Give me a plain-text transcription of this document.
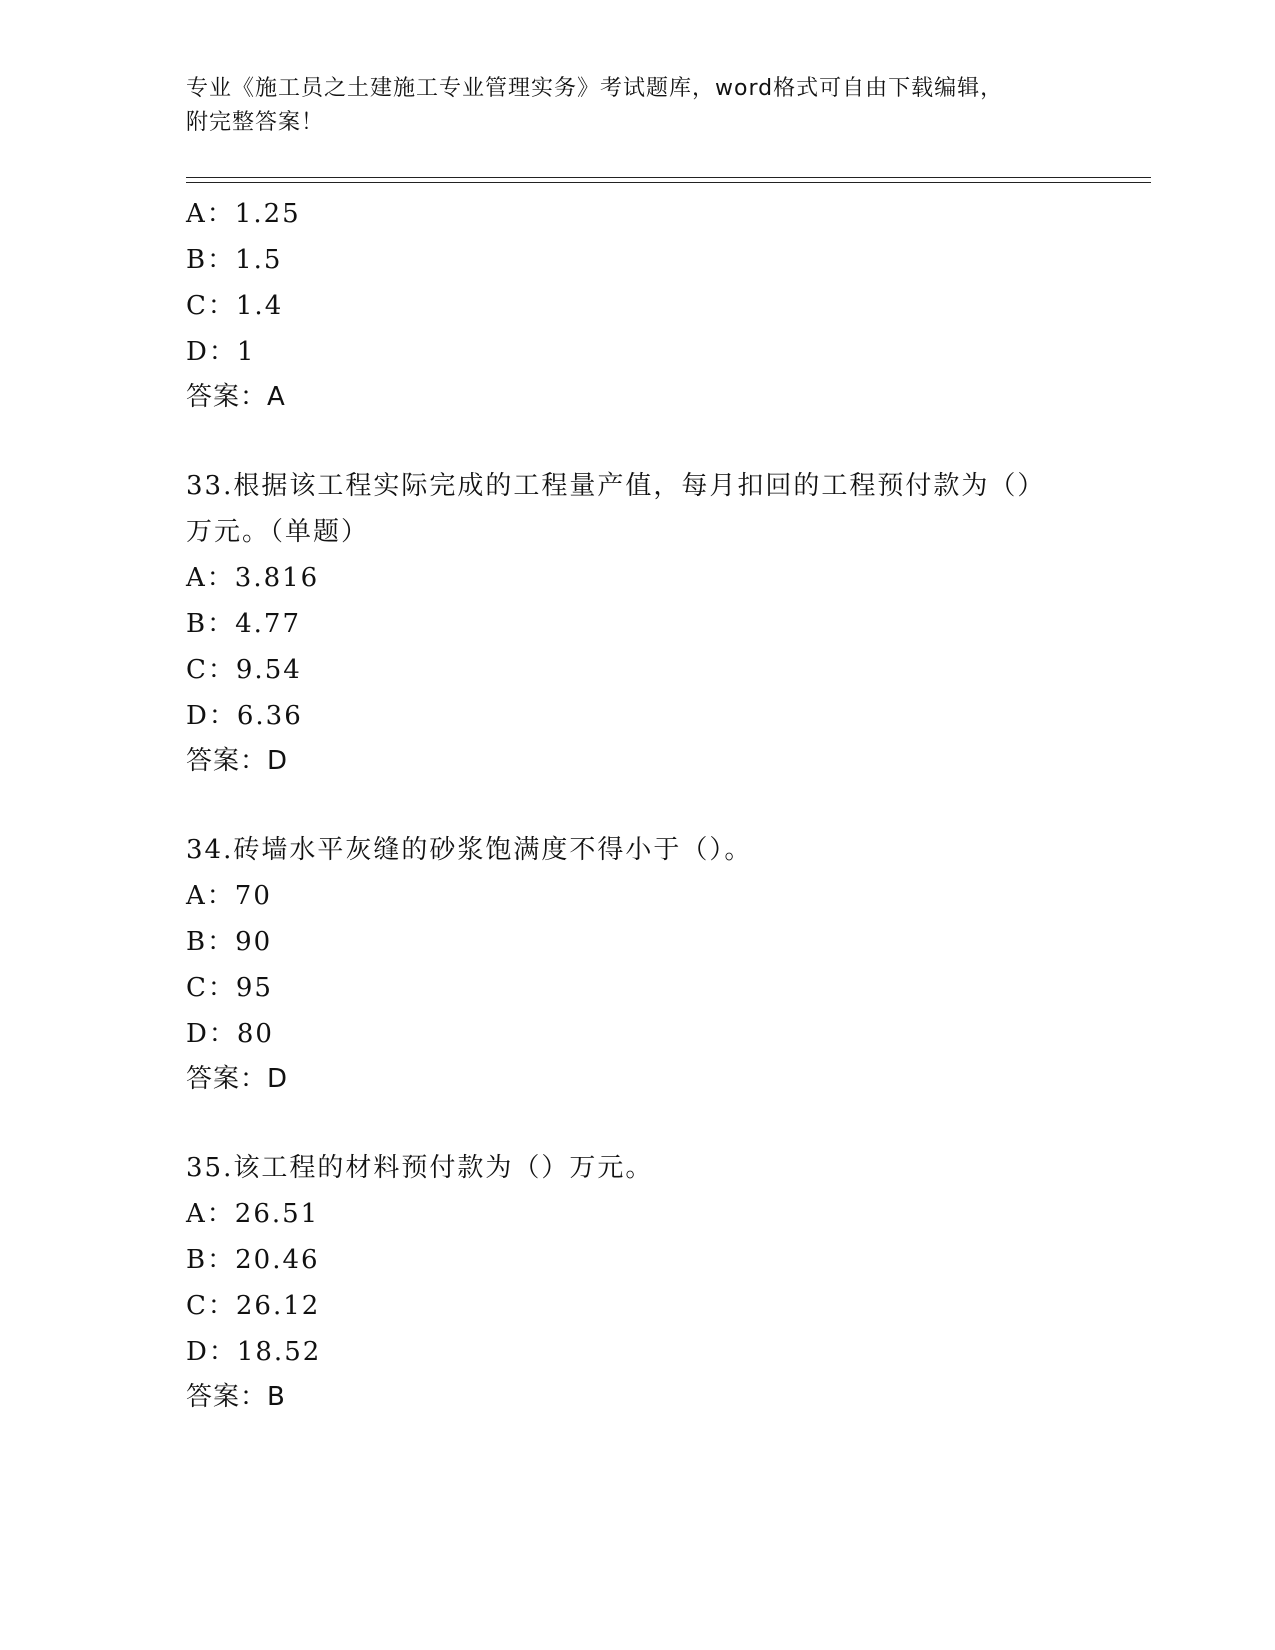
专业《施工员之土建施工专业管理实务》考试题库，word格式可自由下载编辑，
附完整答案！
A：1.25
B：1.5
C：1.4
D：1
答案：A
33.根据该工程实际完成的工程量产值，每月扣回的工程预付款为（）
万元。（单题）
A：3.816
B：4.77
C：9.54
D：6.36
答案：D
34.砖墙水平灰缝的砂浆饱满度不得小于（）。
A：70
B：90
C：95
D：80
答案：D
35.该工程的材料预付款为（）万元。
A：26.51
B：20.46
C：26.12
D：18.52
答案：B
